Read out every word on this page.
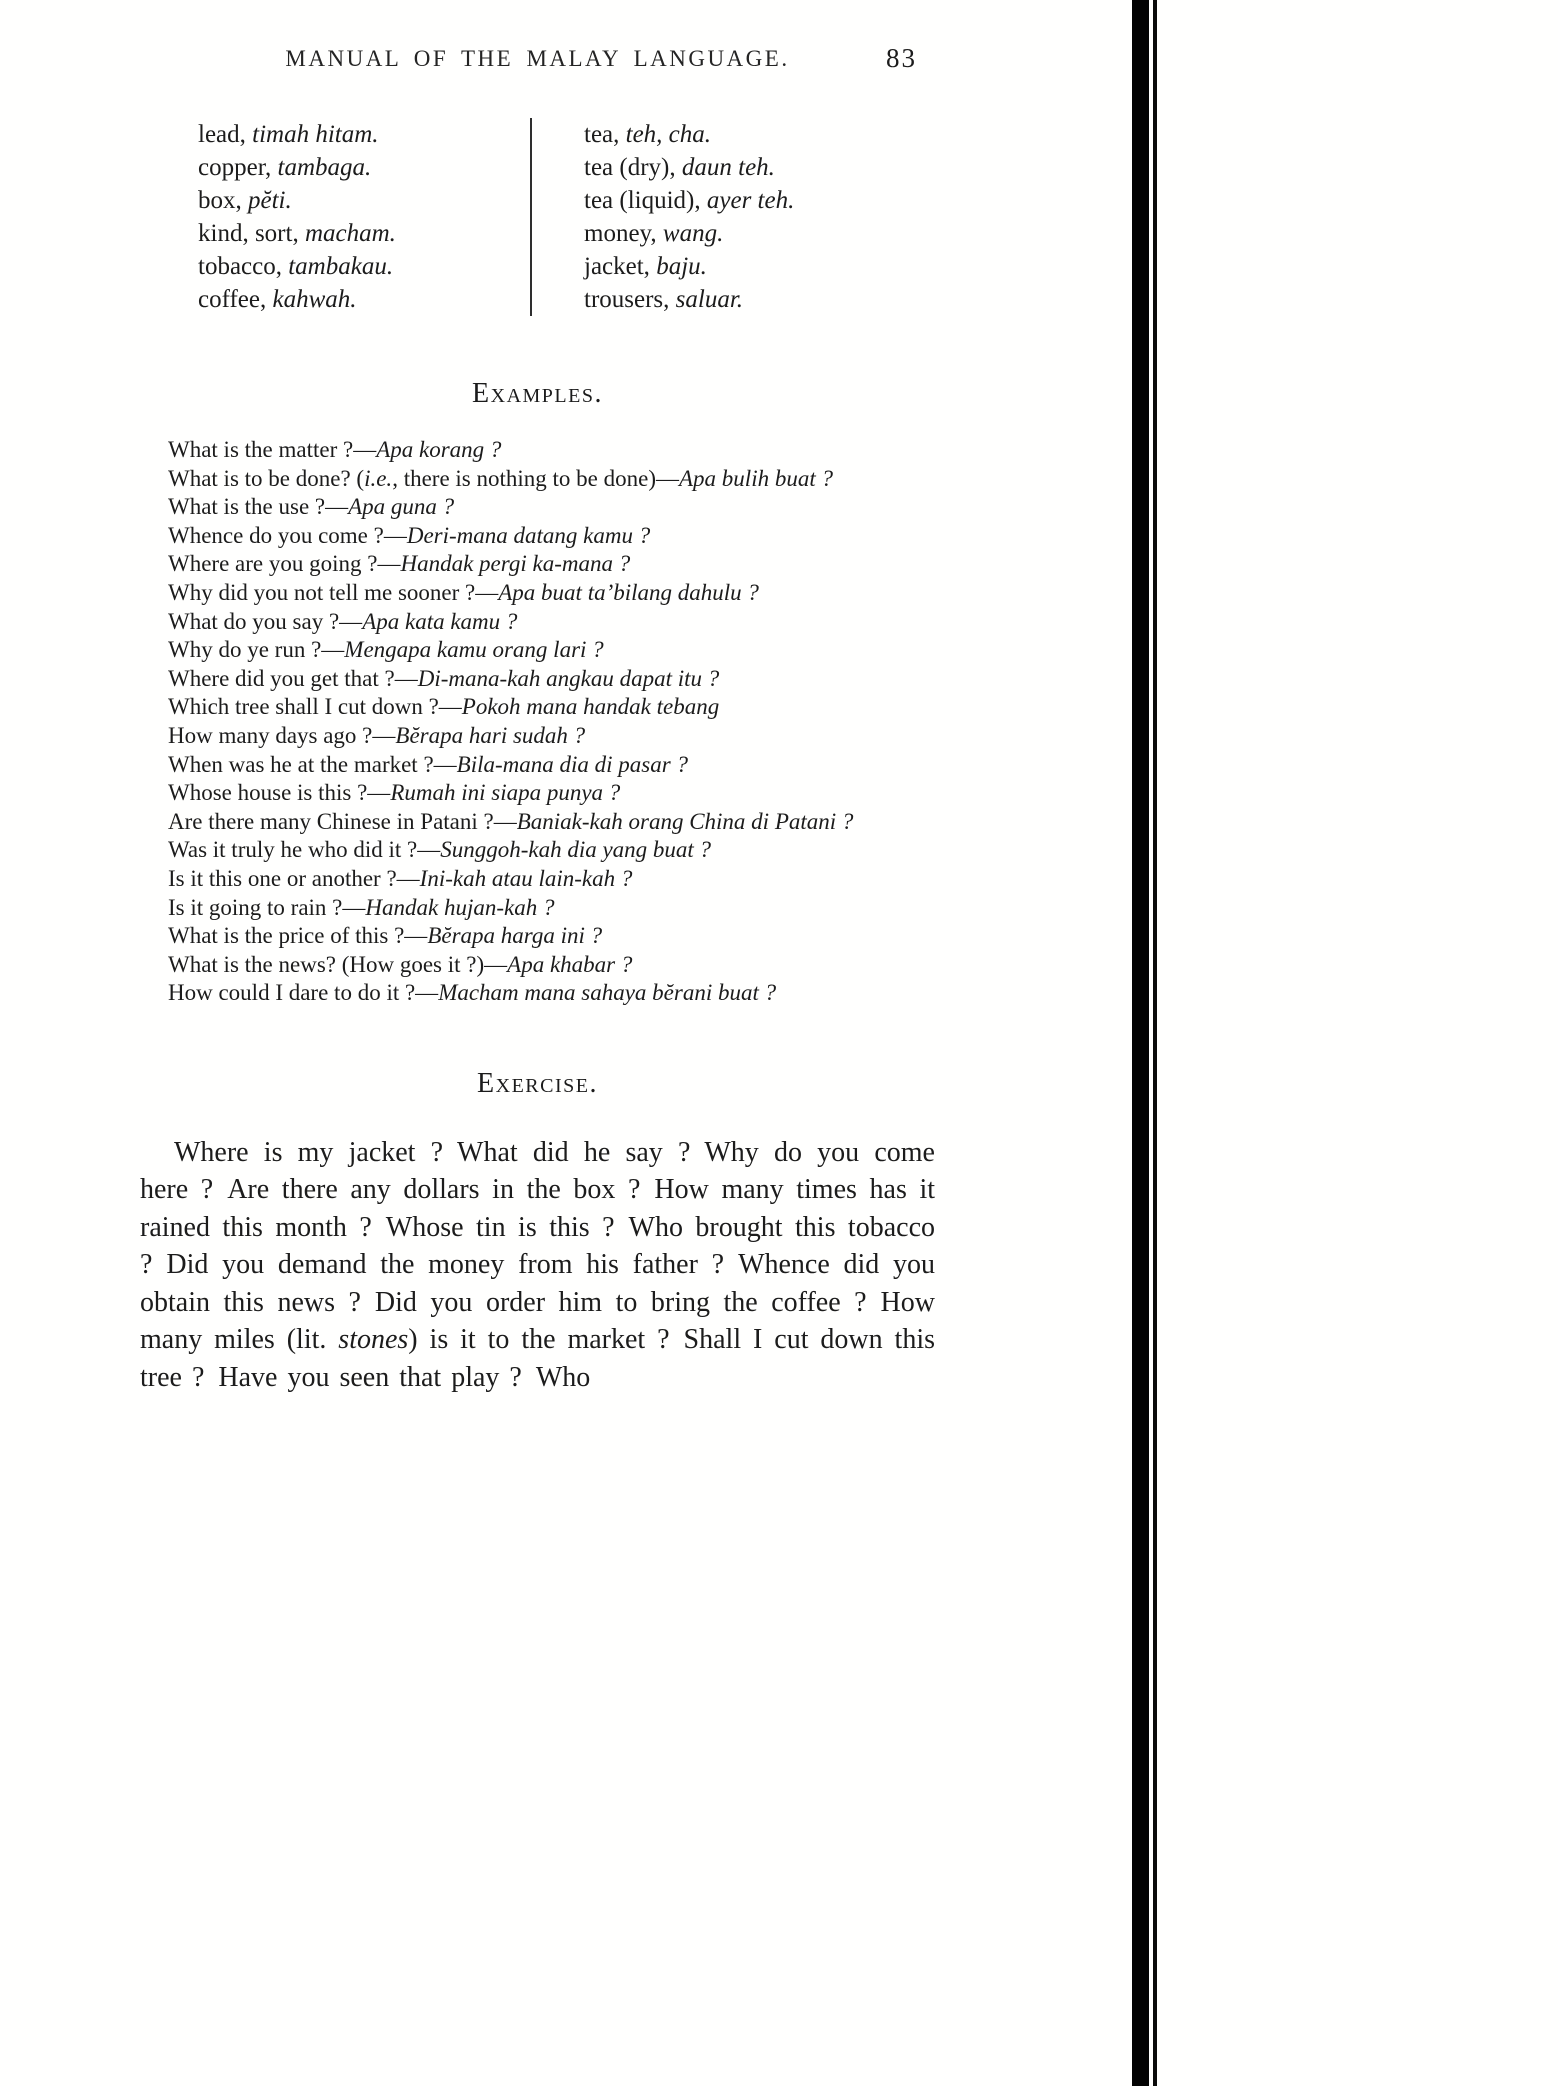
MANUAL OF THE MALAY LANGUAGE.	83

lead, timah hitam.

copper, tambaga.

box, pĕti.

kind, sort, macham.

tobacco, tambakau.

coffee, kahwah.

tea, teh, cha.

tea (dry), daun teh.

tea (liquid), ayer teh.

money, wang.

jacket, baju.

trousers, saluar.

Examples.

What is the matter ?—Apa korang ?

What is to be done? (i.e., there is nothing to be done)—Apa bulih buat ?

What is the use ?—Apa guna ?

Whence do you come ?—Deri-mana datang kamu ?

Where are you going ?—Handak pergi ka-mana ?

Why did you not tell me sooner ?—Apa buat ta’bilang dahulu ?

What do you say ?—Apa kata kamu ?

Why do ye run ?—Mengapa kamu orang lari ?

Where did you get that ?—Di-mana-kah angkau dapat itu ?

Which tree shall I cut down ?—Pokoh mana handak tebang

How many days ago ?—Bĕrapa hari sudah ?

When was he at the market ?—Bila-mana dia di pasar ?

Whose house is this ?—Rumah ini siapa punya ?

Are there many Chinese in Patani ?—Baniak-kah orang China di Patani ?

Was it truly he who did it ?—Sunggoh-kah dia yang buat ?

Is it this one or another ?—Ini-kah atau lain-kah ?

Is it going to rain ?—Handak hujan-kah ?

What is the price of this ?—Bĕrapa harga ini ?

What is the news? (How goes it ?)—Apa khabar ?

How could I dare to do it ?—Macham mana sahaya bĕrani buat ?

Exercise.

Where is my jacket ? What did he say ? Why do you come here ? Are there any dollars in the box ? How many times has it rained this month ? Whose tin is this ? Who brought this tobacco ? Did you demand the money from his father ? Whence did you obtain this news ? Did you order him to bring the coffee ? How many miles (lit. stones) is it to the market ? Shall I cut down this tree ? Have you seen that play ? Who
